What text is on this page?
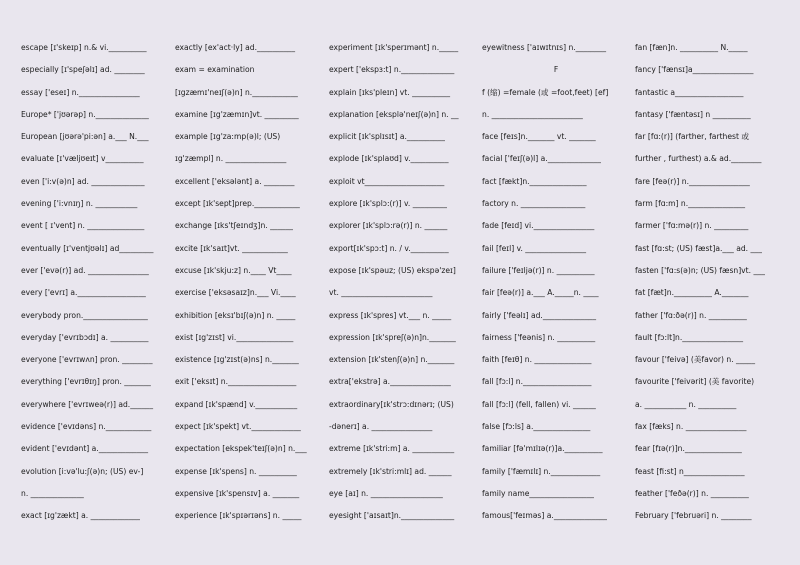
escape [ɪ'skeɪp] n.& vi.__________
especially [ɪ'speʃəlɪ] ad. ________
essay ['eseɪ] n.________________
Europe* ['jʊərəp] n.______________
European [jʊərə'pi:ən] a.___ N.___
evaluate [ɪ'væljʊeɪt] v__________
even ['i:v(ə)n] ad. ______________
evening ['i:vnɪŋ] n. ___________
event [ ɪ'vent] n. _______________
eventually [ɪ'ventjʊəlɪ] ad_________
ever ['evə(r)] ad. ________________
every ['evrɪ] a.__________________
everybody pron._________________
everyday ['evrɪbɔdɪ] a. __________
everyone ['evrɪwʌn] pron. ________
everything ['evrɪθɪŋ] pron. _______
everywhere ['evrɪweə(r)] ad.______
evidence ['evɪdəns] n.____________
evident ['evɪdənt] a._____________
evolution [i:və'lu:ʃ(ə)n; (US) ev-]
n. ______________
exact [ɪg'zækt] a. _____________
exactly [ex'act·ly] ad.__________
exam = examination
[ɪgzæmɪ'neɪʃ(ə)n] n.____________
examine [ɪg'zæmɪn]vt. _________
example [ɪg'za:mp(ə)l; (US)
ɪg'zæmpl] n. ________________
excellent ['eksələnt] a. ________
except [ɪk'sept]prep.____________
exchange [ɪks'tʃeɪndʒ]n. ______
excite [ɪk'saɪt]vt. ____________
excuse [ɪk'skju:z] n.____ Vt____
exercise ['eksəsaɪz]n.___ Vi.____
exhibition [eksɪ'bɪʃ(ə)n] n. _____
exist [ɪg'zɪst] vi._______________
existence [ɪg'zɪst(ə)ns] n._______
exit ['eksɪt] n.__________________
expand [ɪk'spænd] v.___________
expect [ɪk'spekt] vt._____________
expectation [ekspek'teɪʃ(ə)n] n.___
expense [ɪk'spens] n. __________
expensive [ɪk'spensɪv] a. _______
experience [ɪk'spɪərɪəns] n. _____
experiment [ɪk'sperɪmənt] n._____
expert ['ekspɜ:t] n.______________
explain [ɪks'pleɪn] vt. __________
explanation [eksplə'neɪʃ(ə)n] n. __
explicit [ɪk'splɪsɪt] a.__________
explode [ɪk'splaʊd] v.__________
exploit vt_____________________
explore [ɪk'splɔ:(r)] v. _________
explorer [ɪk'splɔ:rə(r)] n. ______
export[ɪk'spɔ:t] n. / v.__________
expose [ɪk'spəuz; (US) ekspə'zeɪ]
vt. ________________________
express [ɪk'spres] vt.___ n. _____
expression [ɪk'spreʃ(ə)n]n._______
extension [ɪk'stenʃ(ə)n] n._______
extra['ekstrə] a.________________
extraordinary[ɪk'strɔ:dɪnərɪ; (US)
-dənerɪ] a. ________________
extreme [ɪk'stri:m] a. ___________
extremely [ɪk'stri:mlɪ] ad. ______
eye [aɪ] n. ___________________
eyesight ['aɪsaɪt]n.______________
eyewitness ['aɪwɪtnɪs] n.________
F
f (缩) =female (或 =foot,feet) [ef]
n. ________________________
face [feɪs]n._______ vt. _______
facial ['feɪʃ(ə)l] a.______________
fact [fækt]n._______________
factory n. _________________
fade [feɪd] vi.________________
fail [feɪl] v. ________________
failure ['feɪljə(r)] n. __________
fair [feə(r)] a.___ A._____n. ____
fairly ['feəlɪ] ad.______________
fairness ['feənis] n. __________
faith [feɪθ] n. _______________
fall [fɔ:l] n.__________________
fall [fɔ:l] (fell, fallen) vi. ______
false [fɔ:ls] a._______________
familiar [fə'mɪlɪə(r)]a.__________
family ['fæmɪlɪ] n._____________
family name_________________
famous['feɪməs] a.______________
fan [fæn]n. __________ N._____
fancy ['fænsɪ]a________________
fantastic a__________________
fantasy ['fæntəsɪ] n __________
far [fɑ:(r)] (farther, farthest 或
further , furthest) a.& ad.________
fare [feə(r)] n.________________
farm [fɑ:m] n._______________
farmer ['fɑ:mə(r)] n. _________
fast [fɑ:st; (US) fæst]a.___ ad. ___
fasten ['fɑ:s(ə)n; (US) fæsn]vt. ___
fat [fæt]n.__________ A._______
father ['fɑ:ðə(r)] n. __________
fault [fɔ:lt]n.________________
favour ['feivə] (美favor) n. _____
favourite ['feivərit] (美 favorite)
a. ___________ n. __________
fax [fæks] n. ________________
fear [fɪə(r)]n._______________
feast [fi:st] n________________
feather ['feðə(r)] n. __________
February ['februəri] n. ________
